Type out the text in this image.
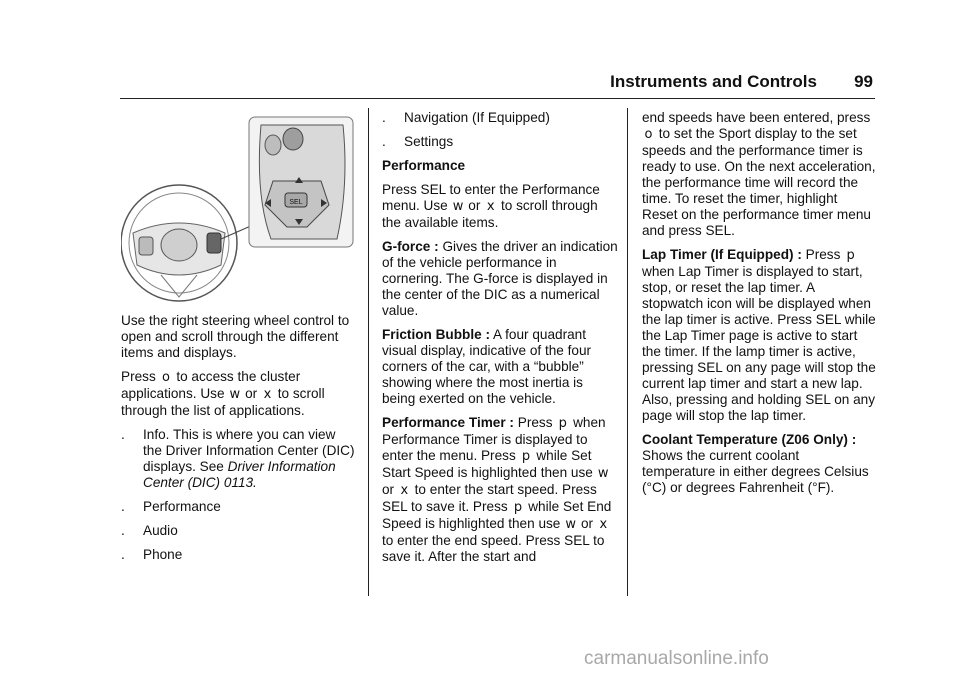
Instruments and Controls 99
SEL

Use the right steering wheel control to open and scroll through the different items and displays.

Press o to access the cluster applications. Use w or x to scroll through the list of applications.

.	Info. This is where you can view the Driver Information Center (DIC) displays. See Driver Information Center (DIC) 0113.
.	Performance
.	Audio
.	Phone
.	Navigation (If Equipped)
.	Settings

Performance

Press SEL to enter the Performance menu. Use w or x to scroll through the available items.

G-force : Gives the driver an indication of the vehicle performance in cornering. The G-force is displayed in the center of the DIC as a numerical value.

Friction Bubble : A four quadrant visual display, indicative of the four corners of the car, with a “bubble” showing where the most inertia is being exerted on the vehicle.

Performance Timer : Press p when Performance Timer is displayed to enter the menu. Press p while Set Start Speed is highlighted then use w or x to enter the start speed. Press SEL to save it. Press p while Set End Speed is highlighted then use w or x to enter the end speed. Press SEL to save it. After the start and

end speeds have been entered, press o to set the Sport display to the set speeds and the performance timer is ready to use. On the next acceleration, the performance time will record the time. To reset the timer, highlight Reset on the performance timer menu and press SEL.

Lap Timer (If Equipped) : Press p when Lap Timer is displayed to start, stop, or reset the lap timer. A stopwatch icon will be displayed when the lap timer is active. Press SEL while the Lap Timer page is active to start the timer. If the lamp timer is active, pressing SEL on any page will stop the current lap timer and start a new lap. Also, pressing and holding SEL on any page will stop the lap timer.

Coolant Temperature (Z06 Only) : Shows the current coolant temperature in either degrees Celsius (°C) or degrees Fahrenheit (°F).

carmanualsonline.info
